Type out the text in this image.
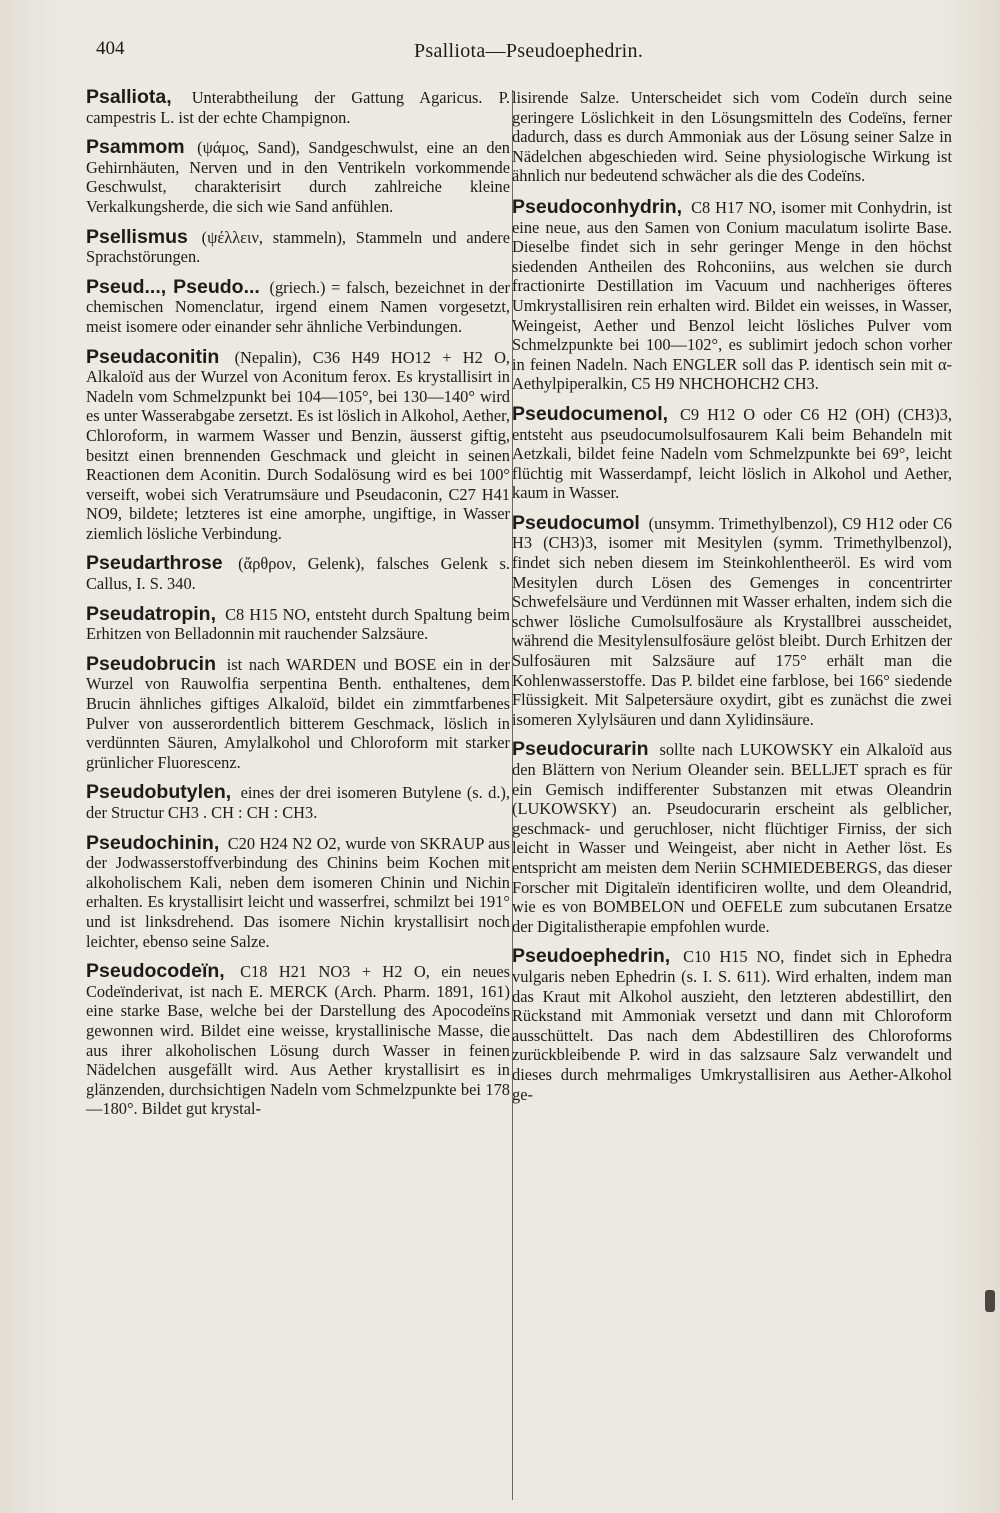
404	Psalliota—Pseudoephedrin.

Psalliota, Unterabtheilung der Gattung Agaricus. P. campestris L. ist der echte Champignon.

Psammom (ψάμος, Sand), Sandgeschwulst, eine an den Gehirnhäuten, Nerven und in den Ventrikeln vorkommende Geschwulst, charakterisirt durch zahlreiche kleine Verkalkungsherde, die sich wie Sand anfühlen.

Psellismus (ψέλλειν, stammeln), Stammeln und andere Sprachstörungen.

Pseud..., Pseudo... (griech.) = falsch, bezeichnet in der chemischen Nomenclatur, irgend einem Namen vorgesetzt, meist isomere oder einander sehr ähnliche Verbindungen.

Pseudaconitin (Nepalin), C36 H49 HO12 + H2 O, Alkaloïd aus der Wurzel von Aconitum ferox. Es krystallisirt in Nadeln vom Schmelzpunkt bei 104—105°, bei 130—140° wird es unter Wasserabgabe zersetzt. Es ist löslich in Alkohol, Aether, Chloroform, in warmem Wasser und Benzin, äusserst giftig, besitzt einen brennenden Geschmack und gleicht in seinen Reactionen dem Aconitin. Durch Sodalösung wird es bei 100° verseift, wobei sich Veratrumsäure und Pseudaconin, C27 H41 NO9, bildete; letzteres ist eine amorphe, ungiftige, in Wasser ziemlich lösliche Verbindung.

Pseudarthrose (ἄρθρον, Gelenk), falsches Gelenk s. Callus, I. S. 340.

Pseudatropin, C8 H15 NO, entsteht durch Spaltung beim Erhitzen von Belladonnin mit rauchender Salzsäure.

Pseudobrucin ist nach WARDEN und BOSE ein in der Wurzel von Rauwolfia serpentina Benth. enthaltenes, dem Brucin ähnliches giftiges Alkaloïd, bildet ein zimmtfarbenes Pulver von ausserordentlich bitterem Geschmack, löslich in verdünnten Säuren, Amylalkohol und Chloroform mit starker grünlicher Fluorescenz.

Pseudobutylen, eines der drei isomeren Butylene (s. d.), der Structur CH3 . CH : CH : CH3.

Pseudochinin, C20 H24 N2 O2, wurde von SKRAUP aus der Jodwasserstoffverbindung des Chinins beim Kochen mit alkoholischem Kali, neben dem isomeren Chinin und Nichin erhalten. Es krystallisirt leicht und wasserfrei, schmilzt bei 191° und ist linksdrehend. Das isomere Nichin krystallisirt noch leichter, ebenso seine Salze.

Pseudocodeïn, C18 H21 NO3 + H2 O, ein neues Codeïnderivat, ist nach E. MERCK (Arch. Pharm. 1891, 161) eine starke Base, welche bei der Darstellung des Apocodeïns gewonnen wird. Bildet eine weisse, krystallinische Masse, die aus ihrer alkoholischen Lösung durch Wasser in feinen Nädelchen ausgefällt wird. Aus Aether krystallisirt es in glänzenden, durchsichtigen Nadeln vom Schmelzpunkte bei 178—180°. Bildet gut krystal-

lisirende Salze. Unterscheidet sich vom Codeïn durch seine geringere Löslichkeit in den Lösungsmitteln des Codeïns, ferner dadurch, dass es durch Ammoniak aus der Lösung seiner Salze in Nädelchen abgeschieden wird. Seine physiologische Wirkung ist ähnlich nur bedeutend schwächer als die des Codeïns.

Pseudoconhydrin, C8 H17 NO, isomer mit Conhydrin, ist eine neue, aus den Samen von Conium maculatum isolirte Base. Dieselbe findet sich in sehr geringer Menge in den höchst siedenden Antheilen des Rohconiins, aus welchen sie durch fractionirte Destillation im Vacuum und nachheriges öfteres Umkrystallisiren rein erhalten wird. Bildet ein weisses, in Wasser, Weingeist, Aether und Benzol leicht lösliches Pulver vom Schmelzpunkte bei 100—102°, es sublimirt jedoch schon vorher in feinen Nadeln. Nach ENGLER soll das P. identisch sein mit α-Aethylpiperalkin, C5 H9 NHCHOHCH2 CH3.

Pseudocumenol, C9 H12 O oder C6 H2 (OH) (CH3)3, entsteht aus pseudocumolsulfosaurem Kali beim Behandeln mit Aetzkali, bildet feine Nadeln vom Schmelzpunkte bei 69°, leicht flüchtig mit Wasserdampf, leicht löslich in Alkohol und Aether, kaum in Wasser.

Pseudocumol (unsymm. Trimethylbenzol), C9 H12 oder C6 H3 (CH3)3, isomer mit Mesitylen (symm. Trimethylbenzol), findet sich neben diesem im Steinkohlentheeröl. Es wird vom Mesitylen durch Lösen des Gemenges in concentrirter Schwefelsäure und Verdünnen mit Wasser erhalten, indem sich die schwer lösliche Cumolsulfosäure als Krystallbrei ausscheidet, während die Mesitylensulfosäure gelöst bleibt. Durch Erhitzen der Sulfosäuren mit Salzsäure auf 175° erhält man die Kohlenwasserstoffe. Das P. bildet eine farblose, bei 166° siedende Flüssigkeit. Mit Salpetersäure oxydirt, gibt es zunächst die zwei isomeren Xylylsäuren und dann Xylidinsäure.

Pseudocurarin sollte nach LUKOWSKY ein Alkaloïd aus den Blättern von Nerium Oleander sein. BELLJET sprach es für ein Gemisch indifferenter Substanzen mit etwas Oleandrin (LUKOWSKY) an. Pseudocurarin erscheint als gelblicher, geschmack- und geruchloser, nicht flüchtiger Firniss, der sich leicht in Wasser und Weingeist, aber nicht in Aether löst. Es entspricht am meisten dem Neriin SCHMIEDEBERGS, das dieser Forscher mit Digitaleïn identificiren wollte, und dem Oleandrid, wie es von BOMBELON und OEFELE zum subcutanen Ersatze der Digitalistherapie empfohlen wurde.

Pseudoephedrin, C10 H15 NO, findet sich in Ephedra vulgaris neben Ephedrin (s. I. S. 611). Wird erhalten, indem man das Kraut mit Alkohol auszieht, den letzteren abdestillirt, den Rückstand mit Ammoniak versetzt und dann mit Chloroform ausschüttelt. Das nach dem Abdestilliren des Chloroforms zurückbleibende P. wird in das salzsaure Salz verwandelt und dieses durch mehrmaliges Umkrystallisiren aus Aether-Alkohol ge-
